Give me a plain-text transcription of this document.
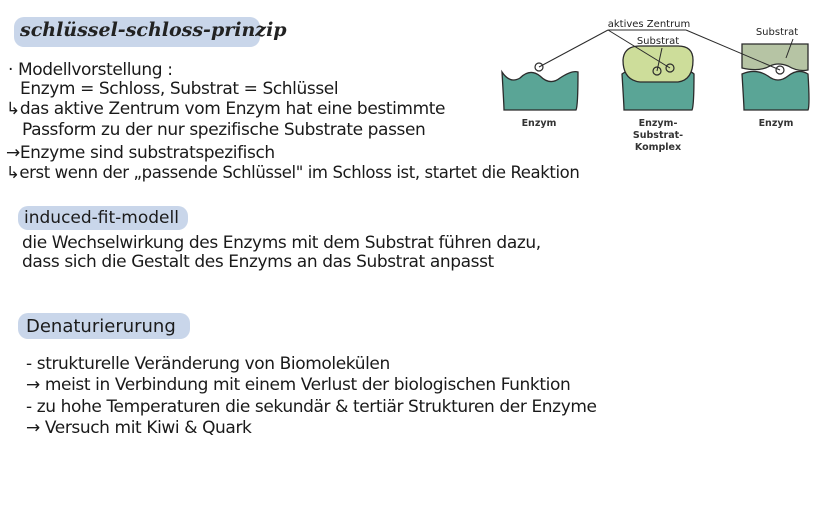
schlüssel-schloss-prinzip
· Modellvorstellung :
Enzym = Schloss, Substrat = Schlüssel
↳das aktive Zentrum vom Enzym hat eine bestimmte
Passform zu der nur spezifische Substrate passen
→Enzyme sind substratspezifisch
↳erst wenn der „passende Schlüssel" im Schloss ist, startet die Reaktion
aktives Zentrum
Substrat
Substrat
Enzym	Enzym-
Substrat-
Komplex
Enzym
induced-fit-modell
die Wechselwirkung des Enzyms mit dem Substrat führen dazu,
dass sich die Gestalt des Enzyms an das Substrat anpasst
Denaturierurung
- strukturelle Veränderung von Biomolekülen
→ meist in Verbindung mit einem Verlust der biologischen Funktion
- zu hohe Temperaturen die sekundär & tertiär Strukturen der Enzyme
→ Versuch mit Kiwi & Quark
